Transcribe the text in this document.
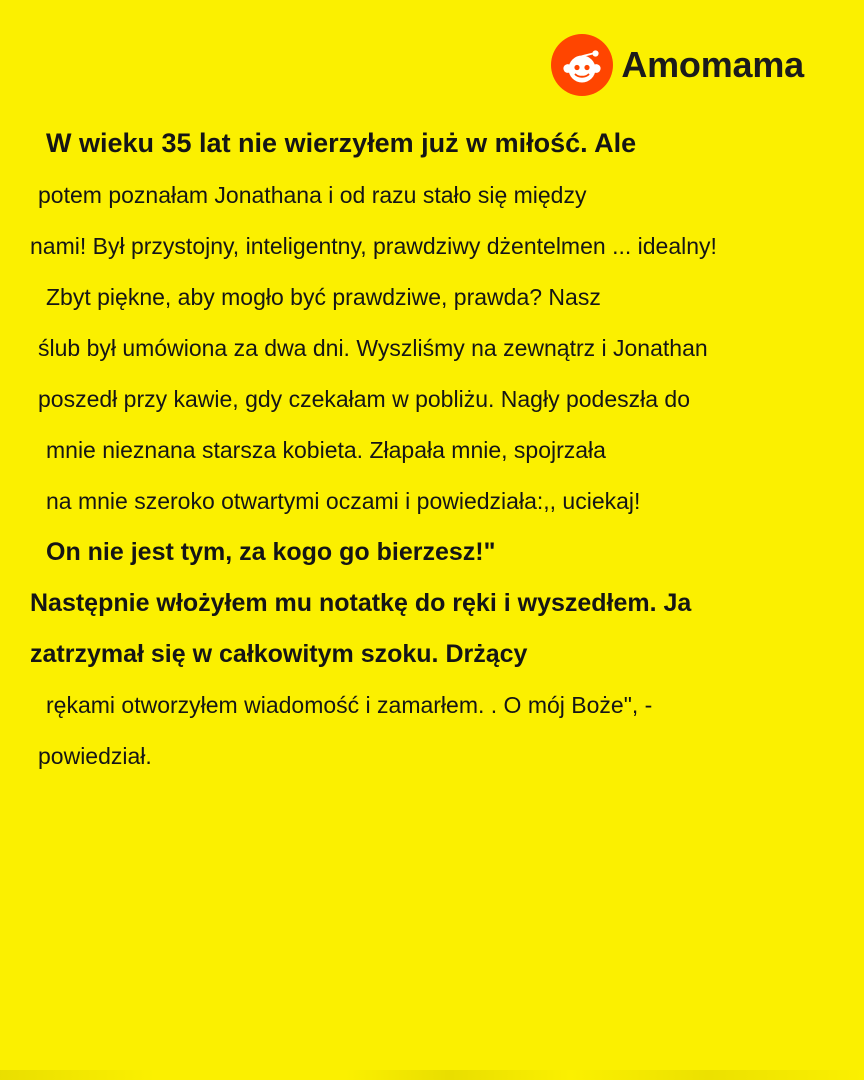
Amomama
W wieku 35 lat nie wierzyłem już w miłość. Ale
potem poznałam Jonathana i od razu stało się między
nami! Był przystojny, inteligentny, prawdziwy dżentelmen ... idealny!
Zbyt piękne, aby mogło być prawdziwe, prawda? Nasz
ślub był umówiona za dwa dni. Wyszliśmy na zewnątrz i Jonathan
poszedł przy kawie, gdy czekałam w pobliżu. Nagły podeszła do
mnie nieznana starsza kobieta. Złapała mnie, spojrzała
na mnie szeroko otwartymi oczami i powiedziała:,, uciekaj!
On nie jest tym, za kogo go bierzesz!"
Następnie włożyłem mu notatkę do ręki i wyszedłem. Ja
zatrzymał się w całkowitym szoku. Drżący
rękami otworzyłem wiadomość i zamarłem. . O mój Boże", -
powiedział.
